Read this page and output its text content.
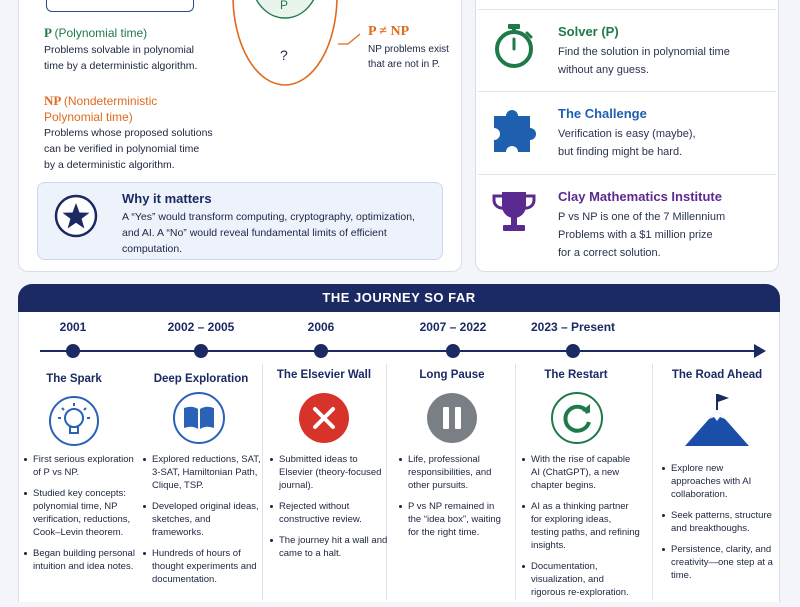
P (Polynomial time)
Problems solvable in polynomial
time by a deterministic algorithm.
NP (Nondeterministic
Polynomial time)
Problems whose proposed solutions
can be verified in polynomial time
by a deterministic algorithm.
P
?
P ≠ NP
NP problems exist
that are not in P.
Why it matters
A “Yes” would transform computing, cryptography, optimization,
and AI. A “No” would reveal fundamental limits of efficient
computation.
Solver (P)
Find the solution in polynomial time
without any guess.
The Challenge
Verification is easy (maybe),
but finding might be hard.
Clay Mathematics Institute
P vs NP is one of the 7 Millennium
Problems with a $1 million prize
for a correct solution.
THE JOURNEY SO FAR
2001	2002 – 2005	2006	2007 – 2022	2023 – Present
The Spark	Deep Exploration	The Elsevier Wall	Long Pause	The Restart	The Road Ahead
First serious exploration of P vs NP.
Studied key concepts: polynomial time, NP verification, reductions, Cook–Levin theorem.
Began building personal intuition and idea notes.
Explored reductions, SAT, 3-SAT, Hamiltonian Path, Clique, TSP.
Developed original ideas, sketches, and frameworks.
Hundreds of hours of thought experiments and documentation.
Submitted ideas to Elsevier (theory-focused journal).
Rejected without constructive review.
The journey hit a wall and came to a halt.
Life, professional responsibilities, and other pursuits.
P vs NP remained in the “idea box”, waiting for the right time.
With the rise of capable AI (ChatGPT), a new chapter begins.
AI as a thinking partner for exploring ideas, testing paths, and refining insights.
Documentation, visualization, and rigorous re-exploration.
Explore new approaches with AI collaboration.
Seek patterns, structure and breakthoughs.
Persistence, clarity, and creativity—one step at a time.
